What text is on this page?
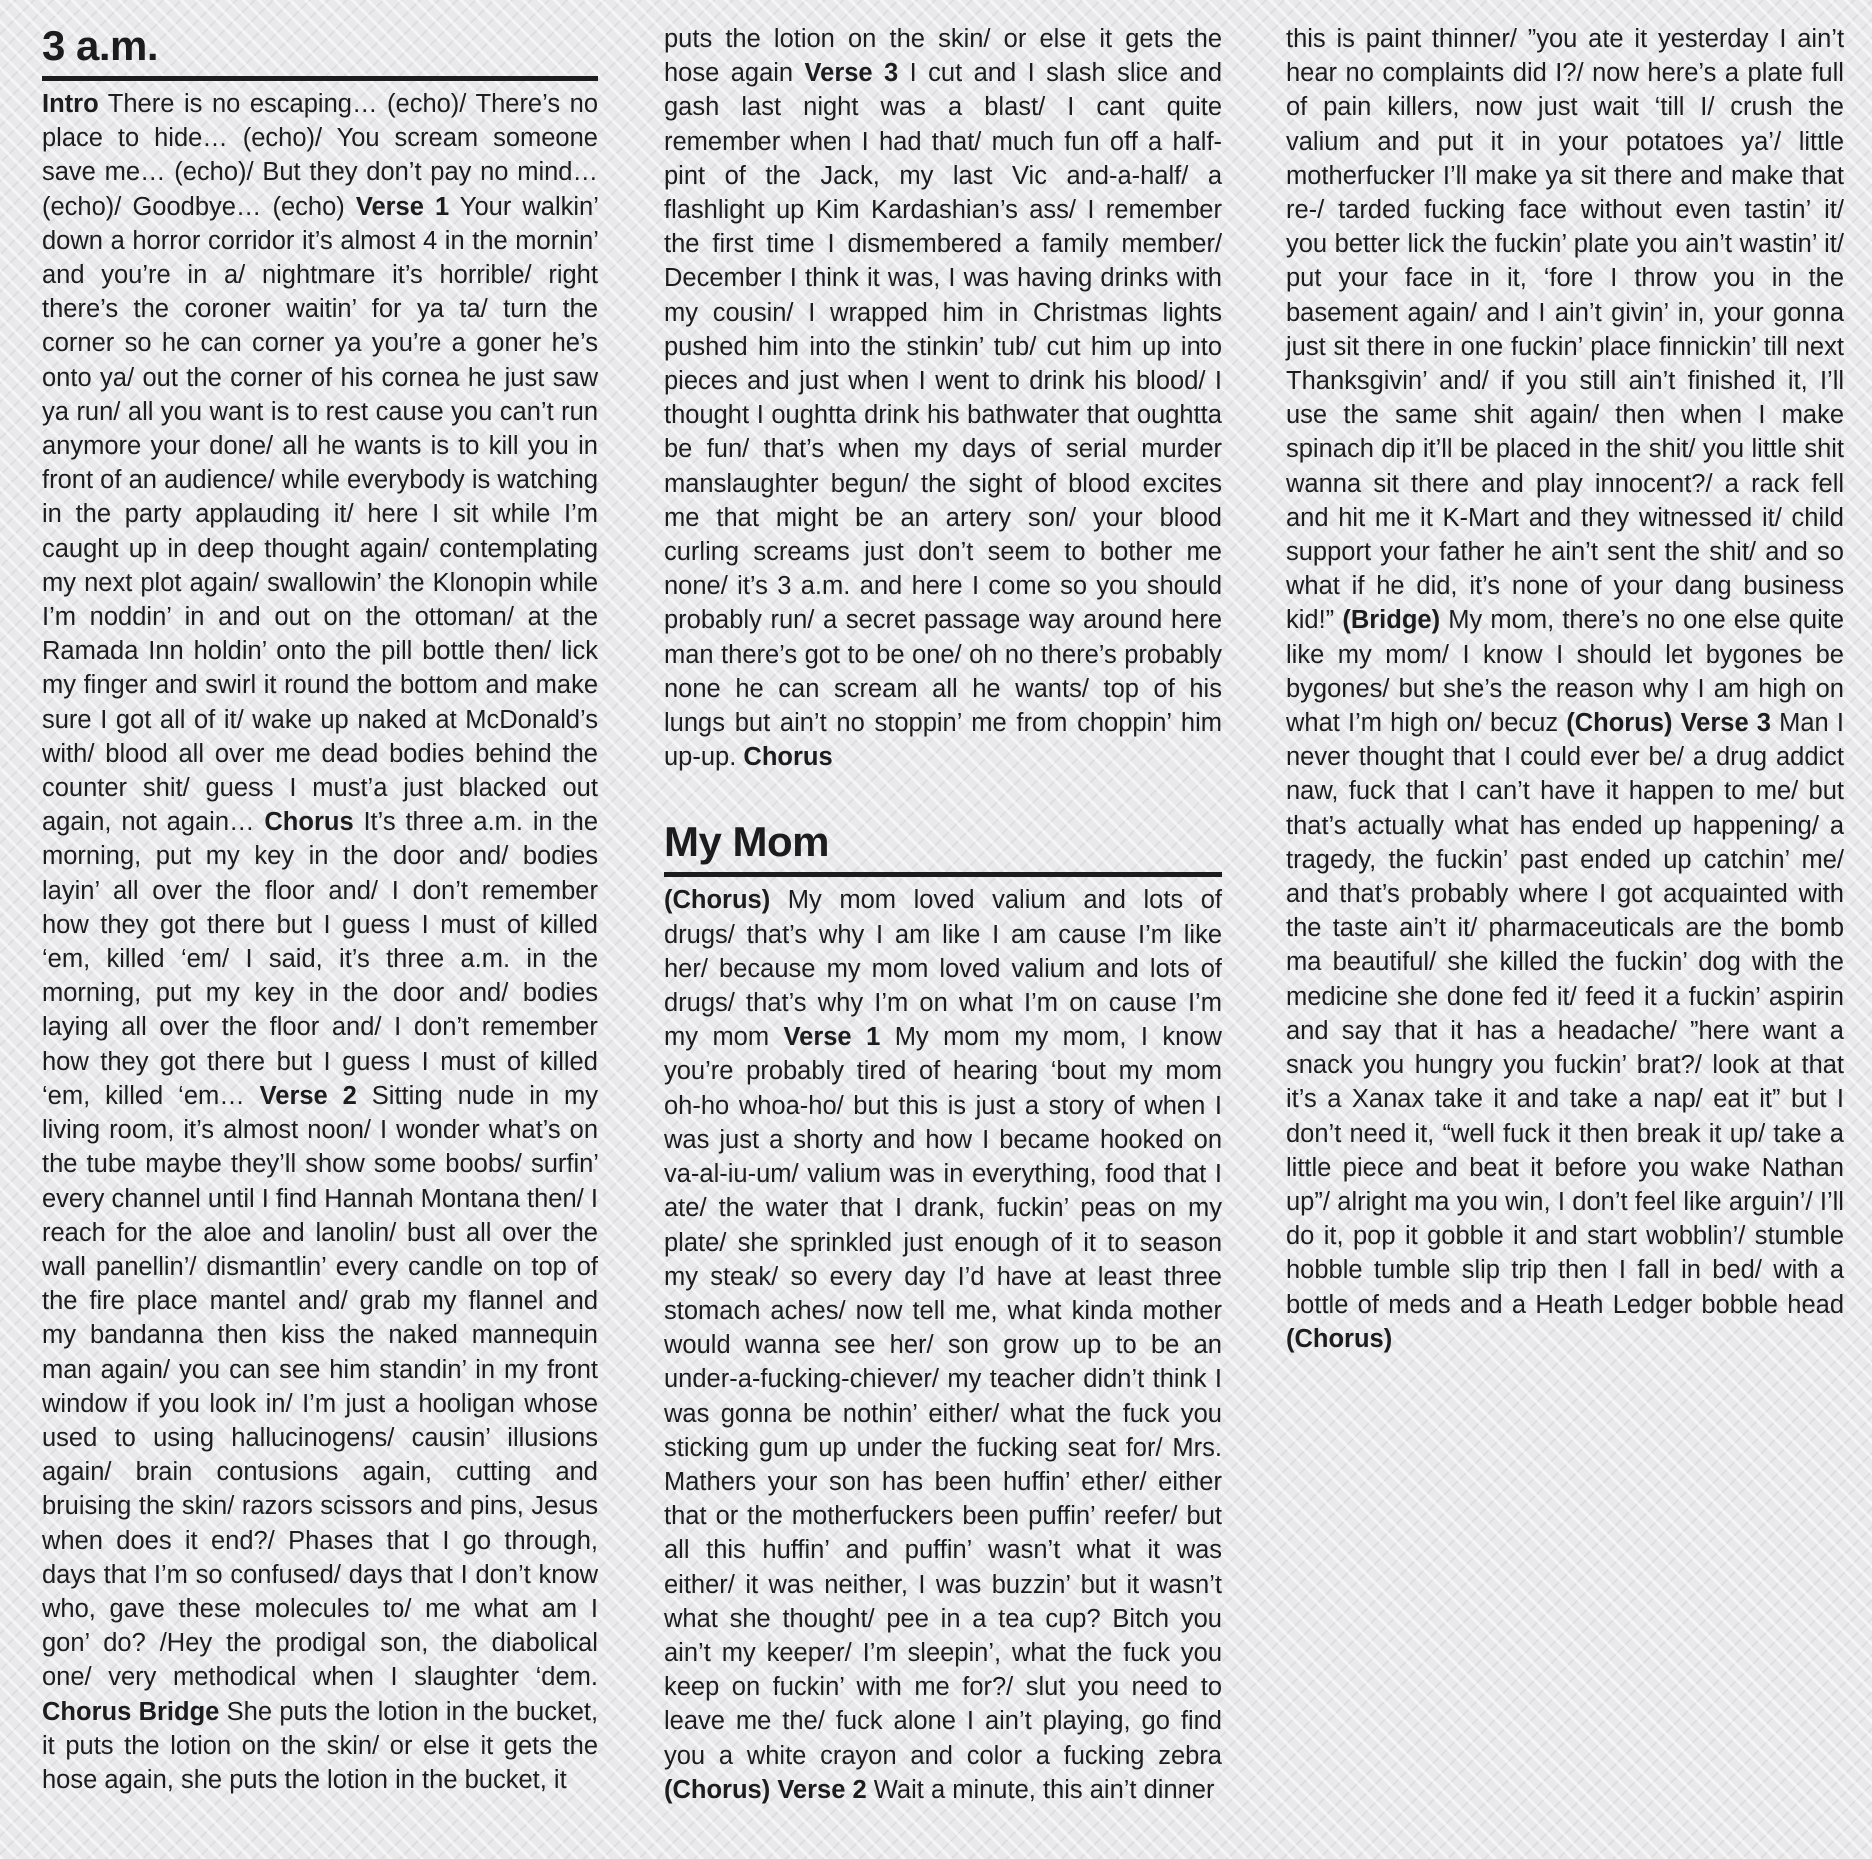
3 a.m.

Intro There is no escaping… (echo)/ There’s no place to hide… (echo)/ You scream someone save me… (echo)/ But they don’t pay no mind… (echo)/ Goodbye… (echo) Verse 1 Your walkin’ down a horror corridor it’s almost 4 in the mornin’ and you’re in a/ nightmare it’s horrible/ right there’s the coroner waitin’ for ya ta/ turn the corner so he can corner ya you’re a goner he’s onto ya/ out the corner of his cornea he just saw ya run/ all you want is to rest cause you can’t run anymore your done/ all he wants is to kill you in front of an audience/ while everybody is watching in the party applauding it/ here I sit while I’m caught up in deep thought again/ contemplating my next plot again/ swallowin’ the Klonopin while I’m noddin’ in and out on the ottoman/ at the Ramada Inn holdin’ onto the pill bottle then/ lick my finger and swirl it round the bottom and make sure I got all of it/ wake up naked at McDonald’s with/ blood all over me dead bodies behind the counter shit/ guess I must’a just blacked out again, not again… Chorus It’s three a.m. in the morning, put my key in the door and/ bodies layin’ all over the floor and/ I don’t remember how they got there but I guess I must of killed ‘em, killed ‘em/ I said, it’s three a.m. in the morning, put my key in the door and/ bodies laying all over the floor and/ I don’t remember how they got there but I guess I must of killed ‘em, killed ‘em… Verse 2 Sitting nude in my living room, it’s almost noon/ I wonder what’s on the tube maybe they’ll show some boobs/ surfin’ every channel until I find Hannah Montana then/ I reach for the aloe and lanolin/ bust all over the wall panellin’/ dismantlin’ every candle on top of the fire place mantel and/ grab my flannel and my bandanna then kiss the naked mannequin man again/ you can see him standin’ in my front window if you look in/ I’m just a hooligan whose used to using hallucinogens/ causin’ illusions again/ brain contusions again, cutting and bruising the skin/ razors scissors and pins, Jesus when does it end?/ Phases that I go through, days that I’m so confused/ days that I don’t know who, gave these molecules to/ me what am I gon’ do? /Hey the prodigal son, the diabolical one/ very methodical when I slaughter ‘dem. Chorus Bridge She puts the lotion in the bucket, it puts the lotion on the skin/ or else it gets the hose again, she puts the lotion in the bucket, it

puts the lotion on the skin/ or else it gets the hose again Verse 3 I cut and I slash slice and gash last night was a blast/ I cant quite remember when I had that/ much fun off a half-pint of the Jack, my last Vic and-a-half/ a flashlight up Kim Kardashian’s ass/ I remember the first time I dismembered a family member/ December I think it was, I was having drinks with my cousin/ I wrapped him in Christmas lights pushed him into the stinkin’ tub/ cut him up into pieces and just when I went to drink his blood/ I thought I oughtta drink his bathwater that oughtta be fun/ that’s when my days of serial murder manslaughter begun/ the sight of blood excites me that might be an artery son/ your blood curling screams just don’t seem to bother me none/ it’s 3 a.m. and here I come so you should probably run/ a secret passage way around here man there’s got to be one/ oh no there’s probably none he can scream all he wants/ top of his lungs but ain’t no stoppin’ me from choppin’ him up-up. Chorus

My Mom

(Chorus) My mom loved valium and lots of drugs/ that’s why I am like I am cause I’m like her/ because my mom loved valium and lots of drugs/ that’s why I’m on what I’m on cause I’m my mom Verse 1 My mom my mom, I know you’re probably tired of hearing ‘bout my mom oh-ho whoa-ho/ but this is just a story of when I was just a shorty and how I became hooked on va-al-iu-um/ valium was in everything, food that I ate/ the water that I drank, fuckin’ peas on my plate/ she sprinkled just enough of it to season my steak/ so every day I’d have at least three stomach aches/ now tell me, what kinda mother would wanna see her/ son grow up to be an under-a-fucking-chiever/ my teacher didn’t think I was gonna be nothin’ either/ what the fuck you sticking gum up under the fucking seat for/ Mrs. Mathers your son has been huffin’ ether/ either that or the motherfuckers been puffin’ reefer/ but all this huffin’ and puffin’ wasn’t what it was either/ it was neither, I was buzzin’ but it wasn’t what she thought/ pee in a tea cup? Bitch you ain’t my keeper/ I’m sleepin’, what the fuck you keep on fuckin’ with me for?/ slut you need to leave me the/ fuck alone I ain’t playing, go find you a white crayon and color a fucking zebra (Chorus) Verse 2 Wait a minute, this ain’t dinner

this is paint thinner/ ”you ate it yesterday I ain’t hear no complaints did I?/ now here’s a plate full of pain killers, now just wait ‘till I/ crush the valium and put it in your potatoes ya’/ little motherfucker I’ll make ya sit there and make that re-/ tarded fucking face without even tastin’ it/ you better lick the fuckin’ plate you ain’t wastin’ it/ put your face in it, ‘fore I throw you in the basement again/ and I ain’t givin’ in, your gonna just sit there in one fuckin’ place finnickin’ till next Thanksgivin’ and/ if you still ain’t finished it, I’ll use the same shit again/ then when I make spinach dip it’ll be placed in the shit/ you little shit wanna sit there and play innocent?/ a rack fell and hit me it K-Mart and they witnessed it/ child support your father he ain’t sent the shit/ and so what if he did, it’s none of your dang business kid!” (Bridge) My mom, there’s no one else quite like my mom/ I know I should let bygones be bygones/ but she’s the reason why I am high on what I’m high on/ becuz (Chorus) Verse 3 Man I never thought that I could ever be/ a drug addict naw, fuck that I can’t have it happen to me/ but that’s actually what has ended up happening/ a tragedy, the fuckin’ past ended up catchin’ me/ and that’s probably where I got acquainted with the taste ain’t it/ pharmaceuticals are the bomb ma beautiful/ she killed the fuckin’ dog with the medicine she done fed it/ feed it a fuckin’ aspirin and say that it has a headache/ ”here want a snack you hungry you fuckin’ brat?/ look at that it’s a Xanax take it and take a nap/ eat it” but I don’t need it, “well fuck it then break it up/ take a little piece and beat it before you wake Nathan up”/ alright ma you win, I don’t feel like arguin’/ I’ll do it, pop it gobble it and start wobblin’/ stumble hobble tumble slip trip then I fall in bed/ with a bottle of meds and a Heath Ledger bobble head (Chorus)
